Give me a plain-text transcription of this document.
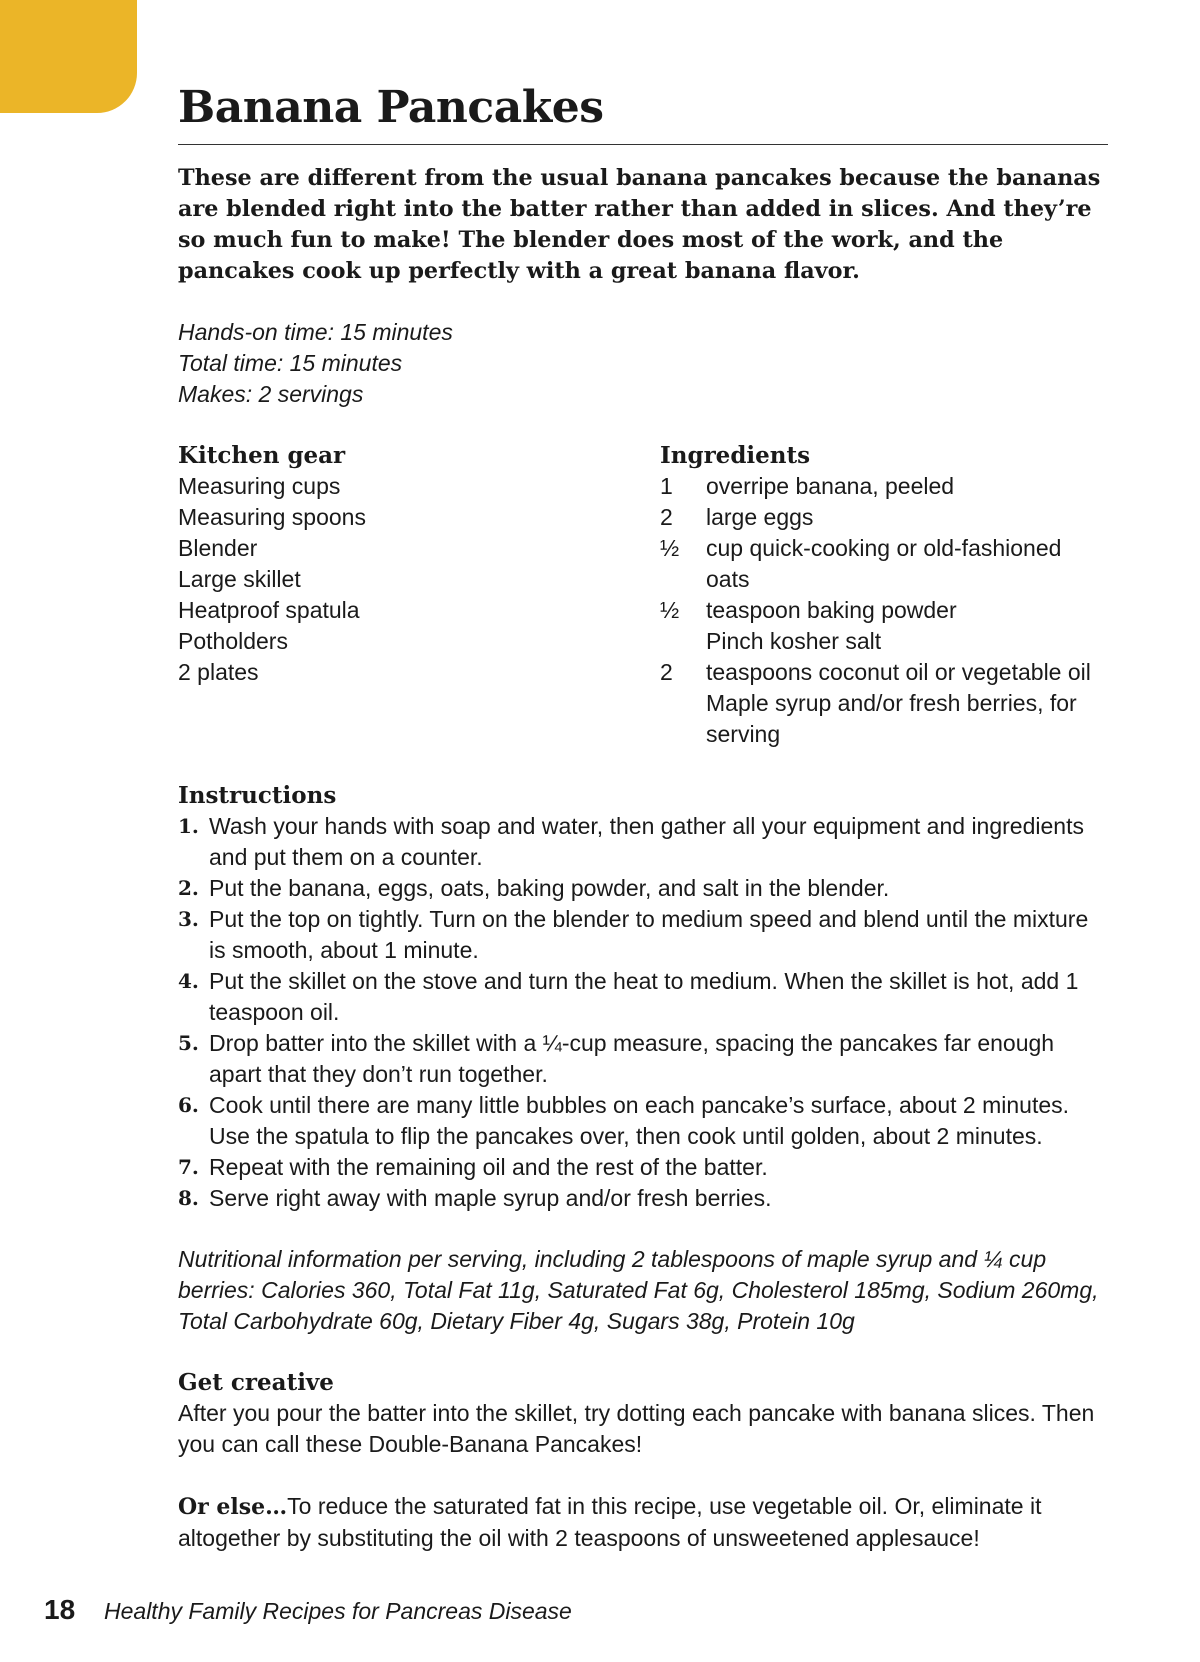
Banana Pancakes

These are different from the usual banana pancakes because the bananas are blended right into the batter rather than added in slices. And they’re so much fun to make! The blender does most of the work, and the pancakes cook up perfectly with a great banana flavor.

Hands-on time: 15 minutes
Total time: 15 minutes
Makes: 2 servings
Kitchen gear
Measuring cups
Measuring spoons
Blender
Large skillet
Heatproof spatula
Potholders
2 plates
Ingredients
1	overripe banana, peeled
2	large eggs
½	cup quick-cooking or old-fashioned oats
½	teaspoon baking powder
Pinch kosher salt
2	teaspoons coconut oil or vegetable oil
Maple syrup and/or fresh berries, for serving
Instructions
1. Wash your hands with soap and water, then gather all your equipment and ingredients and put them on a counter.
2. Put the banana, eggs, oats, baking powder, and salt in the blender.
3. Put the top on tightly. Turn on the blender to medium speed and blend until the mixture is smooth, about 1 minute.
4. Put the skillet on the stove and turn the heat to medium. When the skillet is hot, add 1 teaspoon oil.
5. Drop batter into the skillet with a ¼-cup measure, spacing the pancakes far enough apart that they don’t run together.
6. Cook until there are many little bubbles on each pancake’s surface, about 2 minutes. Use the spatula to flip the pancakes over, then cook until golden, about 2 minutes.
7. Repeat with the remaining oil and the rest of the batter.
8. Serve right away with maple syrup and/or fresh berries.
Nutritional information per serving, including 2 tablespoons of maple syrup and ¼ cup berries: Calories 360, Total Fat 11g, Saturated Fat 6g, Cholesterol 185mg, Sodium 260mg, Total Carbohydrate 60g, Dietary Fiber 4g, Sugars 38g, Protein 10g
Get creative
After you pour the batter into the skillet, try dotting each pancake with banana slices. Then you can call these Double-Banana Pancakes!
Or else…To reduce the saturated fat in this recipe, use vegetable oil. Or, eliminate it altogether by substituting the oil with 2 teaspoons of unsweetened applesauce!
18	Healthy Family Recipes for Pancreas Disease
